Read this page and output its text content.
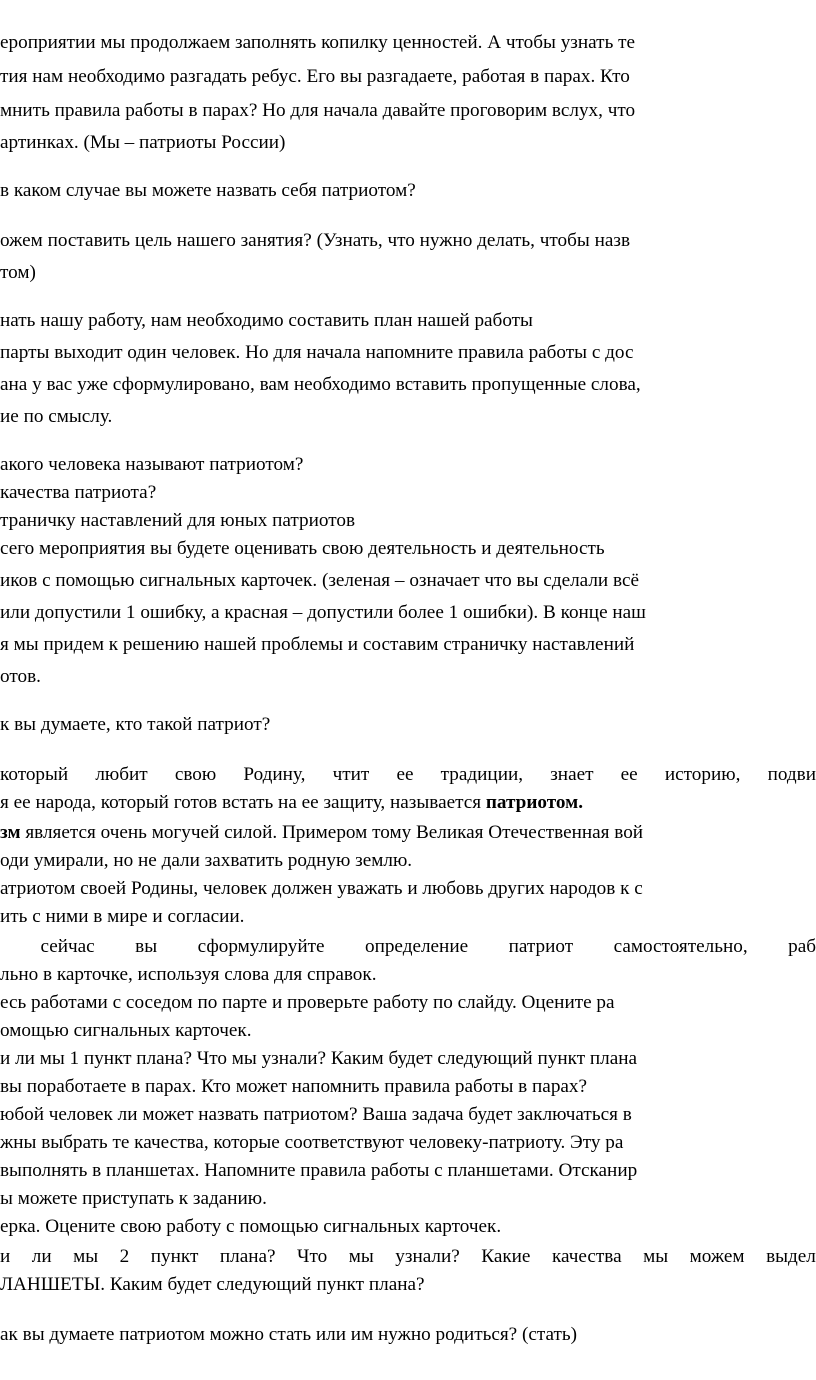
ероприятии мы продолжаем заполнять копилку ценностей. А чтобы узнать те

тия нам необходимо разгадать ребус. Его вы разгадаете, работая в парах. Кто

мнить правила работы в парах? Но для начала давайте проговорим вслух, что

артинках. (Мы – патриоты России)

в каком случае вы можете назвать себя патриотом?

ожем поставить цель нашего занятия? (Узнать, что нужно делать, чтобы назв

том)

нать нашу работу, нам необходимо составить план нашей работы

парты выходит один человек. Но для начала напомните правила работы с дос

ана у вас уже сформулировано, вам необходимо вставить пропущенные слова,

ие по смыслу.

акого человека называют патриотом?

качества патриота?

траничку наставлений для юных патриотов

сего мероприятия вы будете оценивать свою деятельность и деятельность

иков с помощью сигнальных карточек. (зеленая – означает что вы сделали всё

или допустили 1 ошибку, а красная – допустили более 1 ошибки). В конце наш

я мы придем к решению нашей проблемы и составим страничку наставлений

отов.

к вы думаете, кто такой патриот?

который любит свою Родину, чтит ее традиции, знает ее историю, подви

я ее народа, который готов встать на ее защиту, называется патриотом.

зм является очень могучей силой. Примером тому Великая Отечественная вой

оди умирали, но не дали захватить родную землю.

атриотом своей Родины, человек должен уважать и любовь других народов к с

ить с ними в мире и согласии.

сейчас вы сформулируйте определение патриот самостоятельно, раб

льно в карточке, используя слова для справок.

есь работами с соседом по парте и проверьте работу по слайду. Оцените ра

омощью сигнальных карточек.

и ли мы 1 пункт плана? Что мы узнали? Каким будет следующий пункт плана

вы поработаете в парах. Кто может напомнить правила работы в парах?

юбой человек ли может назвать патриотом? Ваша задача будет заключаться в

жны выбрать те качества, которые соответствуют человеку-патриоту. Эту ра

выполнять в планшетах. Напомните правила работы с планшетами. Отсканир

ы можете приступать к заданию.

ерка. Оцените свою работу с помощью сигнальных карточек.

и ли мы 2 пункт плана? Что мы узнали? Какие качества мы можем выдел

ЛАНШЕТЫ. Каким будет следующий пункт плана?

ак вы думаете патриотом можно стать или им нужно родиться? (стать)
